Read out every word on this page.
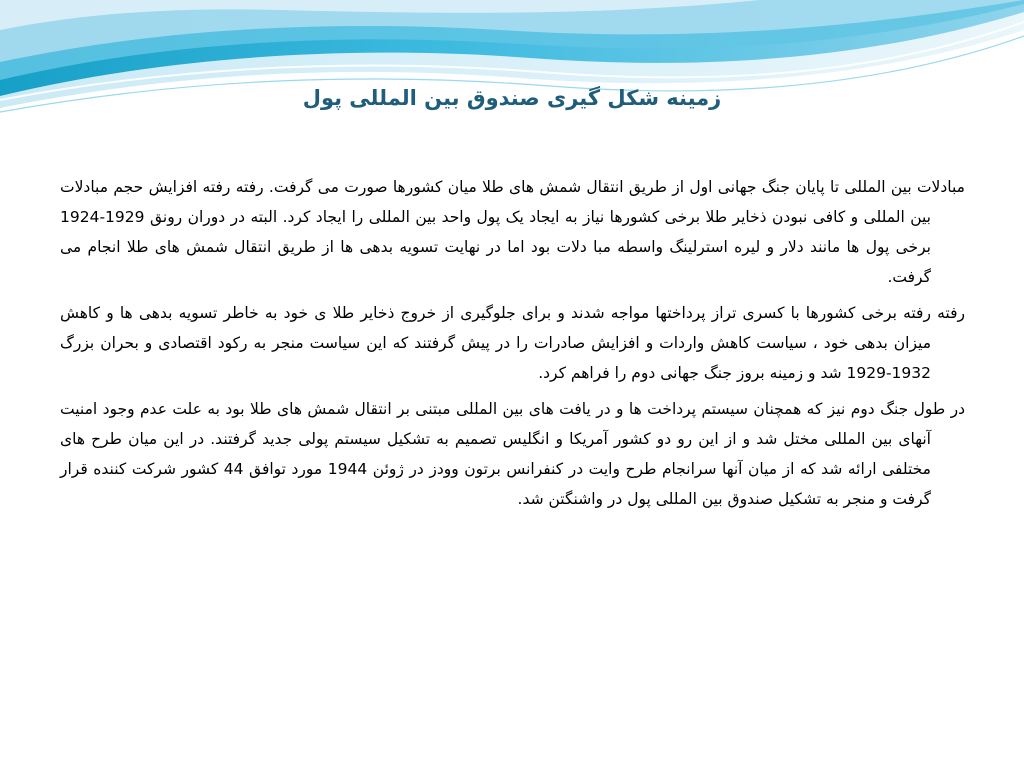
زمینه شکل گیری صندوق بین المللی پول

مبادلات بین المللی تا پایان جنگ جهانی اول از طریق انتقال شمش های طلا میان کشورها صورت می گرفت. رفته رفته افزایش حجم مبادلات بین المللی و کافی نبودن ذخایر طلا برخی کشورها نیاز به ایجاد یک پول واحد بین المللی را ایجاد کرد. البته در دوران رونق 1929-1924 برخی پول ها مانند دلار و لیره استرلینگ واسطه مبا دلات بود اما در نهایت تسویه بدهی ها از طریق انتقال شمش های طلا انجام می گرفت.

رفته رفته برخی کشورها با کسری تراز پرداختها مواجه شدند و برای جلوگیری از خروج ذخایر طلا ی خود به خاطر تسویه بدهی ها و کاهش میزان بدهی خود ، سیاست کاهش واردات و افزایش صادرات را در پیش گرفتند که این سیاست منجر به رکود اقتصادی و بحران بزرگ 1932-1929 شد و زمینه بروز جنگ جهانی دوم را فراهم کرد.

در طول جنگ دوم نیز که همچنان سیستم پرداخت ها و در یافت های بین المللی مبتنی بر انتقال شمش های طلا بود به علت عدم وجود امنیت آنهای بین المللی مختل شد و از این رو دو کشور آمریکا و انگلیس تصمیم به تشکیل سیستم پولی جدید گرفتند. در این میان طرح های مختلفی ارائه شد که از میان آنها سرانجام طرح وایت در کنفرانس برتون وودز در ژوئن 1944 مورد توافق 44 کشور شرکت کننده قرار گرفت و منجر به تشکیل صندوق بین المللی پول در واشنگتن شد.
